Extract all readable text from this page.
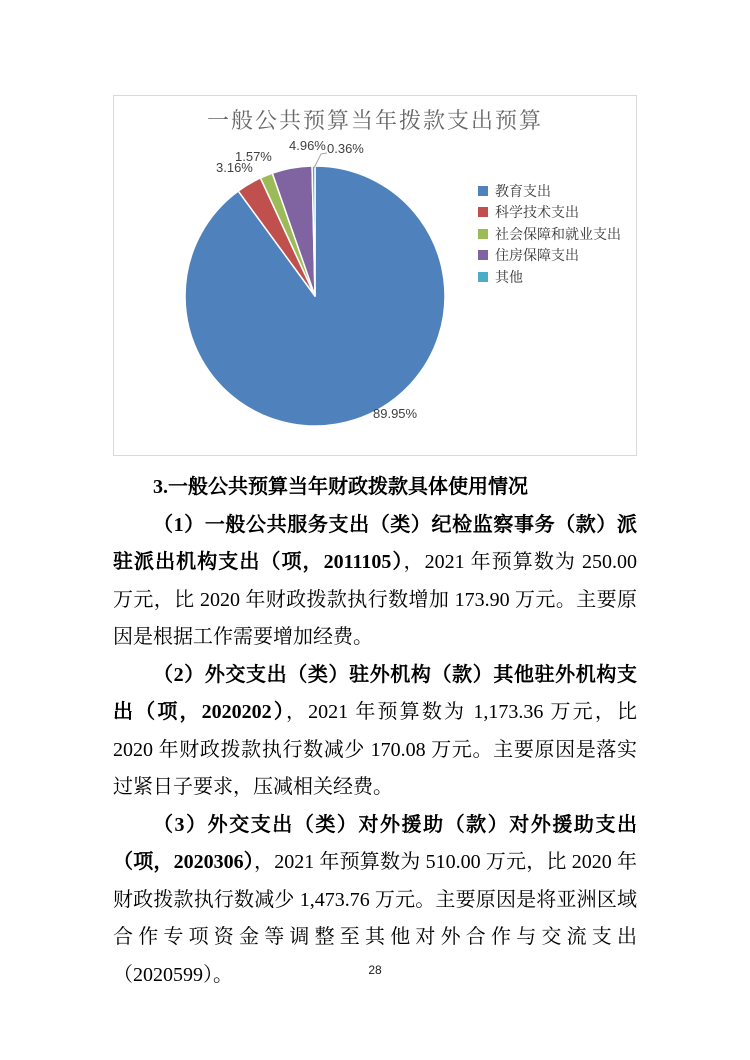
一般公共预算当年拨款支出预算
89.95%
3.16%
1.57%
4.96% 0.36%
教育支出
科学技术支出
社会保障和就业支出
住房保障支出
其他

3.一般公共预算当年财政拨款具体使用情况

（1）一般公共服务支出（类）纪检监察事务（款）派驻派出机构支出（项，2011105），2021 年预算数为 250.00 万元，比 2020 年财政拨款执行数增加 173.90 万元。主要原因是根据工作需要增加经费。

（2）外交支出（类）驻外机构（款）其他驻外机构支出（项，2020202），2021 年预算数为 1,173.36 万元，比 2020 年财政拨款执行数减少 170.08 万元。主要原因是落实过紧日子要求，压减相关经费。

（3）外交支出（类）对外援助（款）对外援助支出（项，2020306），2021 年预算数为 510.00 万元，比 2020 年财政拨款执行数减少 1,473.76 万元。主要原因是将亚洲区域合作专项资金等调整至其他对外合作与交流支出（2020599）。	28
